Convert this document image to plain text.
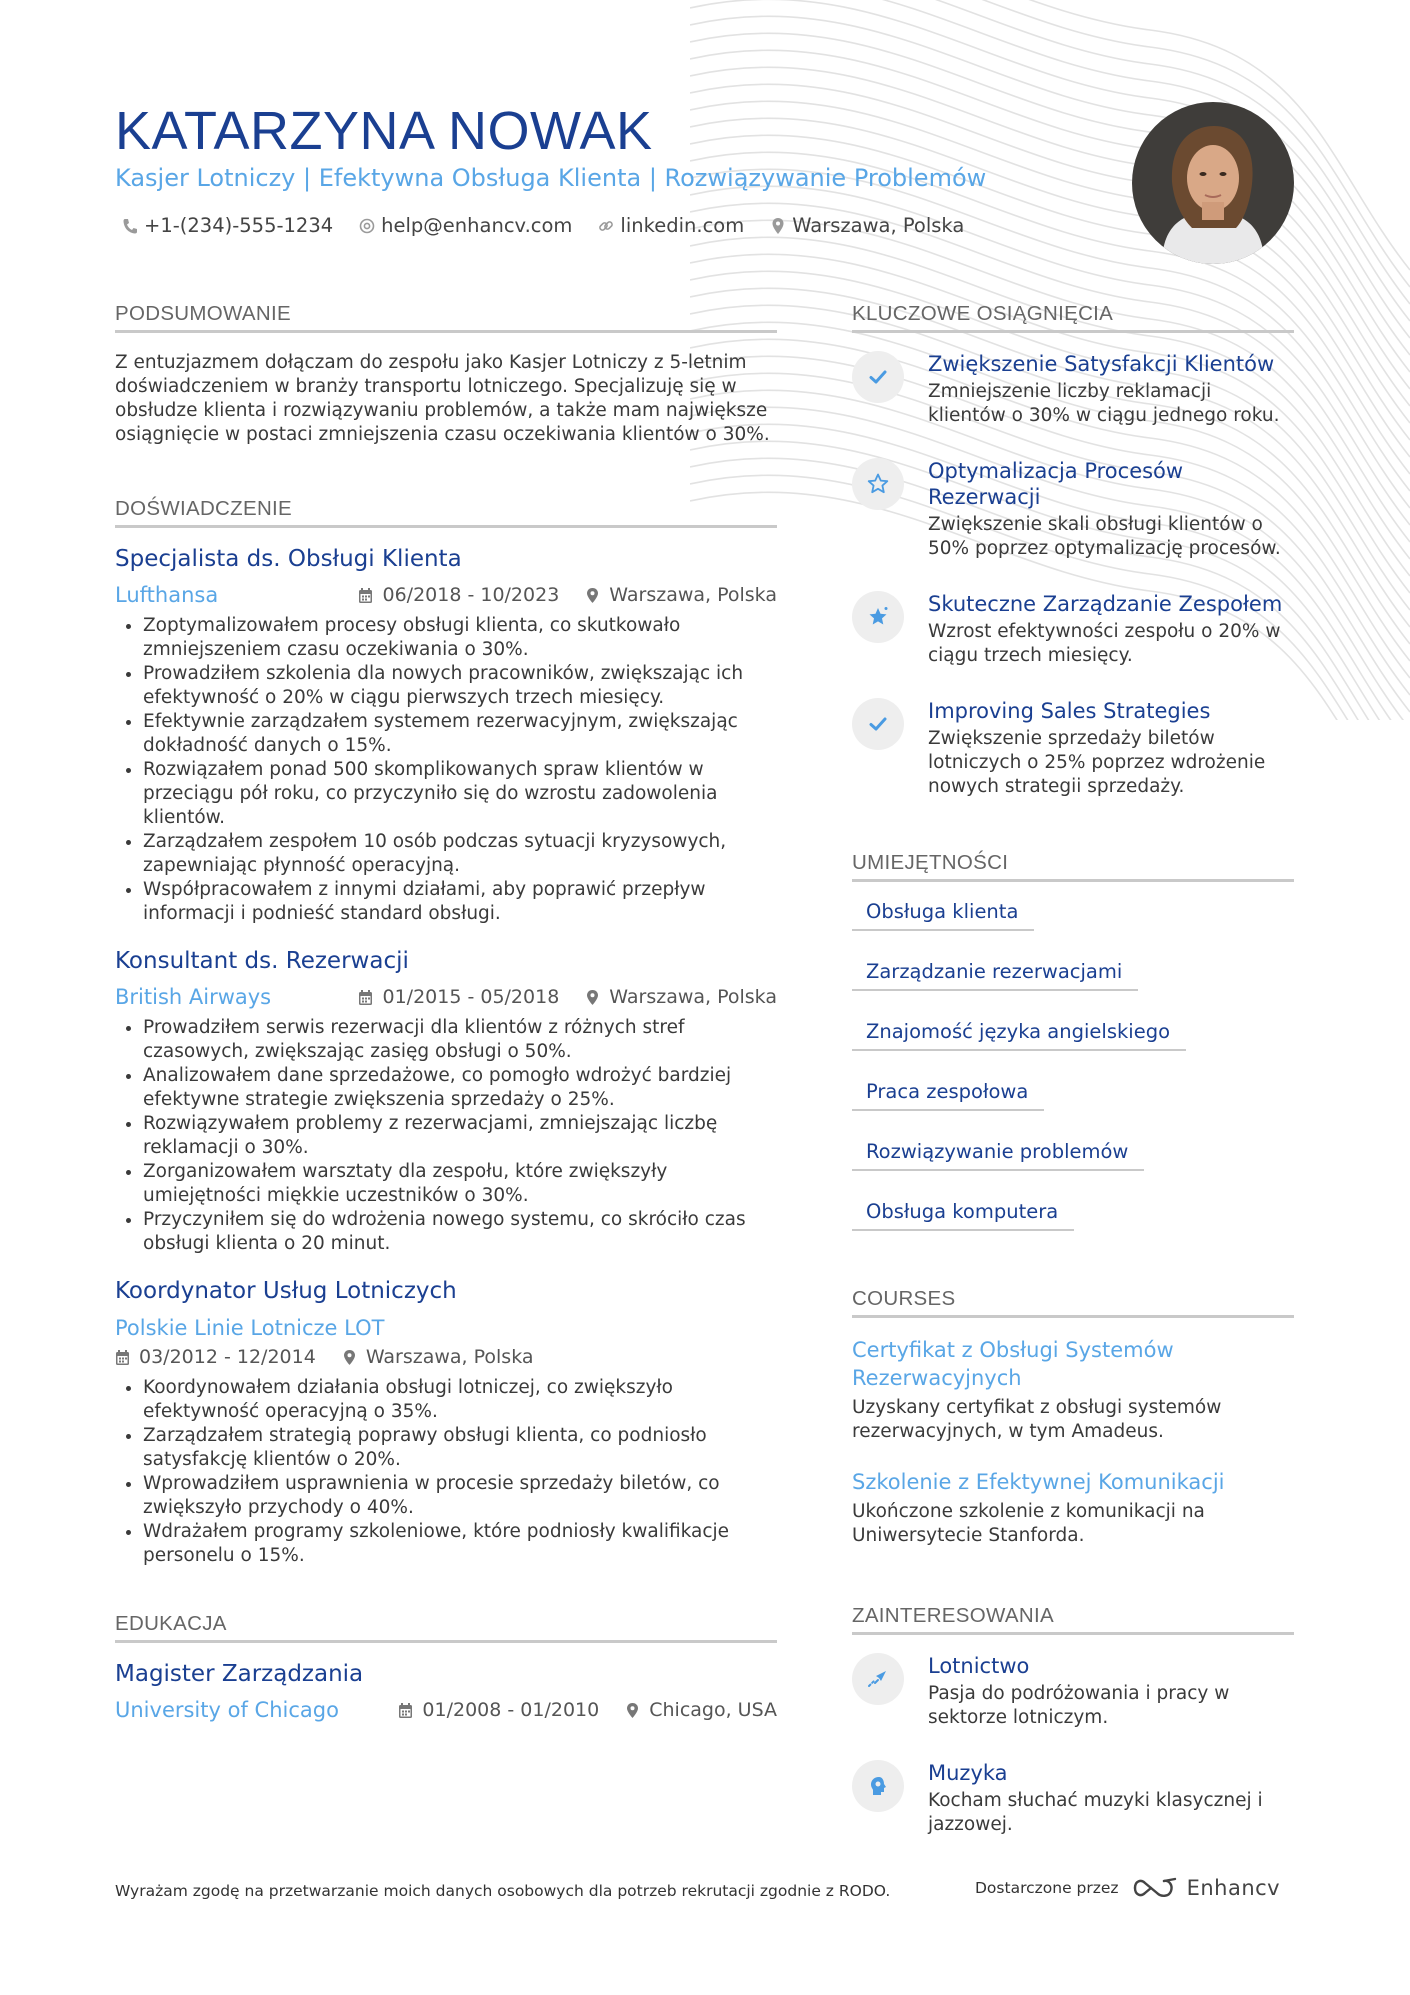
KATARZYNA NOWAK
Kasjer Lotniczy | Efektywna Obsługa Klienta | Rozwiązywanie Problemów
+1-(234)-555-1234 help@enhancv.com linkedin.com Warszawa, Polska
PODSUMOWANIE

Z entuzjazmem dołączam do zespołu jako Kasjer Lotniczy z 5-letnim doświadczeniem w branży transportu lotniczego. Specjalizuję się w obsłudze klienta i rozwiązywaniu problemów, a także mam największe osiągnięcie w postaci zmniejszenia czasu oczekiwania klientów o 30%.

DOŚWIADCZENIE
Specjalista ds. Obsługi Klienta
Lufthansa	06/2018 - 10/2023	Warszawa, Polska
• Zoptymalizowałem procesy obsługi klienta, co skutkowało zmniejszeniem czasu oczekiwania o 30%.
• Prowadziłem szkolenia dla nowych pracowników, zwiększając ich efektywność o 20% w ciągu pierwszych trzech miesięcy.
• Efektywnie zarządzałem systemem rezerwacyjnym, zwiększając dokładność danych o 15%.
• Rozwiązałem ponad 500 skomplikowanych spraw klientów w przeciągu pół roku, co przyczyniło się do wzrostu zadowolenia klientów.
• Zarządzałem zespołem 10 osób podczas sytuacji kryzysowych, zapewniając płynność operacyjną.
• Współpracowałem z innymi działami, aby poprawić przepływ informacji i podnieść standard obsługi.
Konsultant ds. Rezerwacji
British Airways	01/2015 - 05/2018	Warszawa, Polska
• Prowadziłem serwis rezerwacji dla klientów z różnych stref czasowych, zwiększając zasięg obsługi o 50%.
• Analizowałem dane sprzedażowe, co pomogło wdrożyć bardziej efektywne strategie zwiększenia sprzedaży o 25%.
• Rozwiązywałem problemy z rezerwacjami, zmniejszając liczbę reklamacji o 30%.
• Zorganizowałem warsztaty dla zespołu, które zwiększyły umiejętności miękkie uczestników o 30%.
• Przyczyniłem się do wdrożenia nowego systemu, co skróciło czas obsługi klienta o 20 minut.
Koordynator Usług Lotniczych
Polskie Linie Lotnicze LOT
03/2012 - 12/2014	Warszawa, Polska
• Koordynowałem działania obsługi lotniczej, co zwiększyło efektywność operacyjną o 35%.
• Zarządzałem strategią poprawy obsługi klienta, co podniosło satysfakcję klientów o 20%.
• Wprowadziłem usprawnienia w procesie sprzedaży biletów, co zwiększyło przychody o 40%.
• Wdrażałem programy szkoleniowe, które podniosły kwalifikacje personelu o 15%.
EDUKACJA
Magister Zarządzania
University of Chicago	01/2008 - 01/2010	Chicago, USA
KLUCZOWE OSIĄGNIĘCIA
Zwiększenie Satysfakcji Klientów
Zmniejszenie liczby reklamacji klientów o 30% w ciągu jednego roku.
Optymalizacja Procesów Rezerwacji
Zwiększenie skali obsługi klientów o 50% poprzez optymalizację procesów.
Skuteczne Zarządzanie Zespołem
Wzrost efektywności zespołu o 20% w ciągu trzech miesięcy.
Improving Sales Strategies
Zwiększenie sprzedaży biletów lotniczych o 25% poprzez wdrożenie nowych strategii sprzedaży.
UMIEJĘTNOŚCI
Obsługa klienta
Zarządzanie rezerwacjami
Znajomość języka angielskiego
Praca zespołowa
Rozwiązywanie problemów
Obsługa komputera
COURSES
Certyfikat z Obsługi Systemów Rezerwacyjnych
Uzyskany certyfikat z obsługi systemów rezerwacyjnych, w tym Amadeus.
Szkolenie z Efektywnej Komunikacji
Ukończone szkolenie z komunikacji na Uniwersytecie Stanforda.
ZAINTERESOWANIA
Lotnictwo
Pasja do podróżowania i pracy w sektorze lotniczym.
Muzyka
Kocham słuchać muzyki klasycznej i jazzowej.
Wyrażam zgodę na przetwarzanie moich danych osobowych dla potrzeb rekrutacji zgodnie z RODO.	Dostarczone przez	Enhancv
